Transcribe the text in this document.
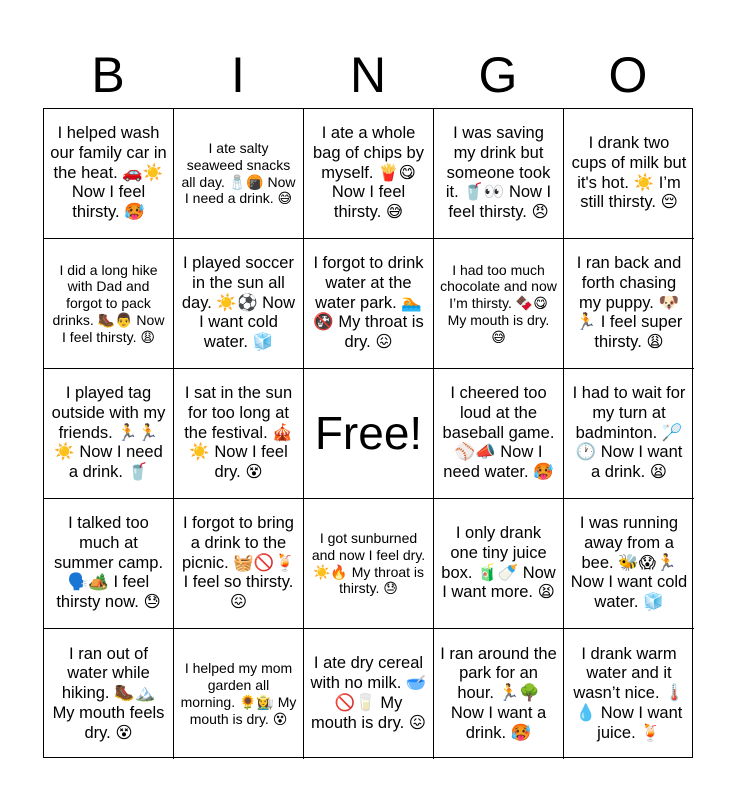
B	I	N	G	O
I helped wash our family car in the heat. 🚗☀️ Now I feel thirsty. 🥵
I ate salty seaweed snacks all day. 🧂🍘 Now I need a drink. 😅
I ate a whole bag of chips by myself. 🍟😋 Now I feel thirsty. 😅
I was saving my drink but someone took it. 🥤👀 Now I feel thirsty. 😠
I drank two cups of milk but it's hot. ☀️ I’m still thirsty. 😔
I did a long hike with Dad and forgot to pack drinks. 🥾👨 Now I feel thirsty. 😩
I played soccer in the sun all day. ☀️⚽ Now I want cold water. 🧊
I forgot to drink water at the water park. 🏊 🚱 My throat is dry. 😖
I had too much chocolate and now I’m thirsty. 🍫😋 My mouth is dry. 😅
I ran back and forth chasing my puppy. 🐶🏃 I feel super thirsty. 😩
I played tag outside with my friends. 🏃🏃 ☀️ Now I need a drink. 🥤
I sat in the sun for too long at the festival. 🎪☀️ Now I feel dry. 😵
Free!
I cheered too loud at the baseball game. ⚾📣 Now I need water. 🥵
I had to wait for my turn at badminton. 🏸🕐 Now I want a drink. 😫
I talked too much at summer camp. 🗣️🏕️ I feel thirsty now. 😓
I forgot to bring a drink to the picnic. 🧺🚫🍹 I feel so thirsty. 😖
I got sunburned and now I feel dry. ☀️🔥 My throat is thirsty. 😓
I only drank one tiny juice box. 🧃🍼 Now I want more. 😫
I was running away from a bee. 🐝😱🏃 Now I want cold water. 🧊
I ran out of water while hiking. 🥾🏔️ My mouth feels dry. 😵
I helped my mom garden all morning. 🌻👩‍🌾 My mouth is dry. 😵
I ate dry cereal with no milk. 🥣🚫🥛 My mouth is dry. 😖
I ran around the park for an hour. 🏃🌳 Now I want a drink. 🥵
I drank warm water and it wasn’t nice. 🌡️💧 Now I want juice. 🍹
